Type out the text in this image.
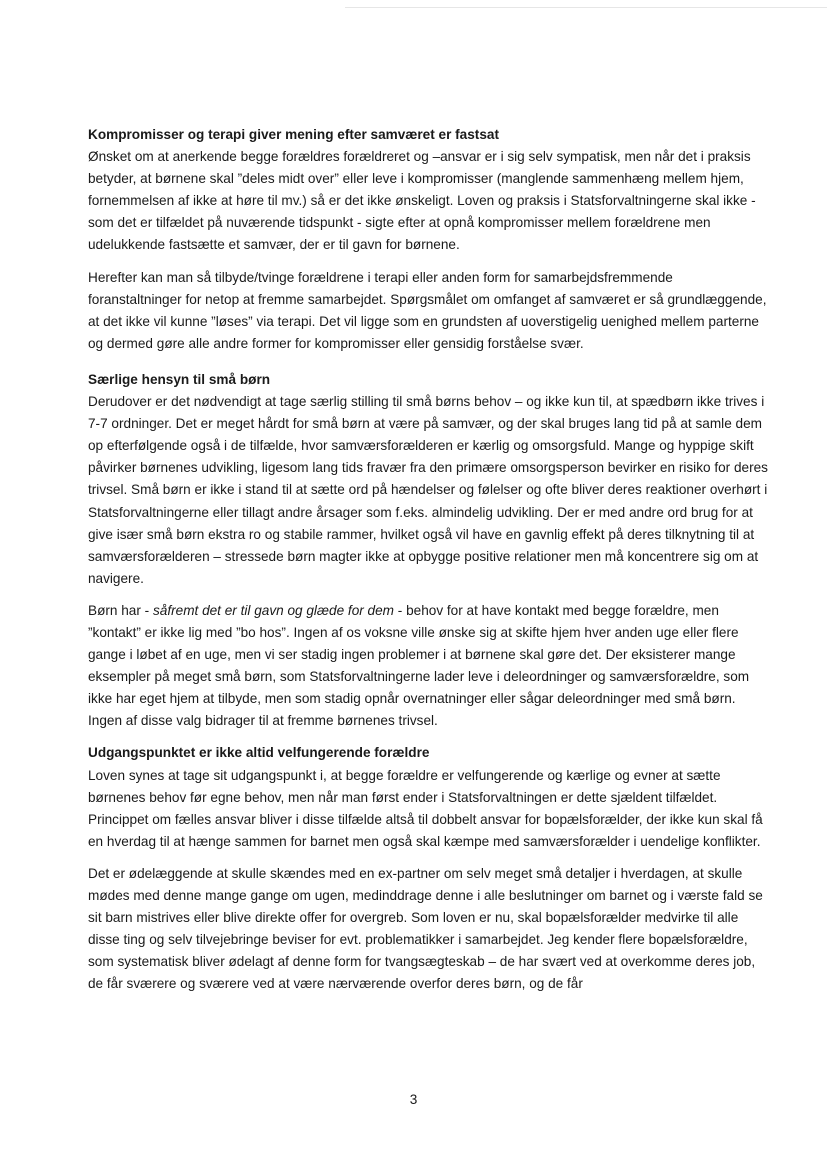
Kompromisser og terapi giver mening efter samværet er fastsat

Ønsket om at anerkende begge forældres forældreret og –ansvar er i sig selv sympatisk, men når det i praksis betyder, at børnene skal ”deles midt over” eller leve i kompromisser (manglende sammenhæng mellem hjem, fornemmelsen af ikke at høre til mv.) så er det ikke ønskeligt. Loven og praksis i Statsforvaltningerne skal ikke - som det er tilfældet på nuværende tidspunkt - sigte efter at opnå kompromisser mellem forældrene men udelukkende fastsætte et samvær, der er til gavn for børnene.

Herefter kan man så tilbyde/tvinge forældrene i terapi eller anden form for samarbejdsfremmende foranstaltninger for netop at fremme samarbejdet. Spørgsmålet om omfanget af samværet er så grundlæggende, at det ikke vil kunne ”løses” via terapi. Det vil ligge som en grundsten af uoverstigelig uenighed mellem parterne og dermed gøre alle andre former for kompromisser eller gensidig forståelse svær.

Særlige hensyn til små børn

Derudover er det nødvendigt at tage særlig stilling til små børns behov – og ikke kun til, at spædbørn ikke trives i 7-7 ordninger. Det er meget hårdt for små børn at være på samvær, og der skal bruges lang tid på at samle dem op efterfølgende også i de tilfælde, hvor samværsforælderen er kærlig og omsorgsfuld. Mange og hyppige skift påvirker børnenes udvikling, ligesom lang tids fravær fra den primære omsorgsperson bevirker en risiko for deres trivsel. Små børn er ikke i stand til at sætte ord på hændelser og følelser og ofte bliver deres reaktioner overhørt i Statsforvaltningerne eller tillagt andre årsager som f.eks. almindelig udvikling. Der er med andre ord brug for at give især små børn ekstra ro og stabile rammer, hvilket også vil have en gavnlig effekt på deres tilknytning til at samværsforælderen – stressede børn magter ikke at opbygge positive relationer men må koncentrere sig om at navigere.

Børn har - såfremt det er til gavn og glæde for dem - behov for at have kontakt med begge forældre, men ”kontakt” er ikke lig med ”bo hos”. Ingen af os voksne ville ønske sig at skifte hjem hver anden uge eller flere gange i løbet af en uge, men vi ser stadig ingen problemer i at børnene skal gøre det. Der eksisterer mange eksempler på meget små børn, som Statsforvaltningerne lader leve i deleordninger og samværsforældre, som ikke har eget hjem at tilbyde, men som stadig opnår overnatninger eller sågar deleordninger med små børn. Ingen af disse valg bidrager til at fremme børnenes trivsel.

Udgangspunktet er ikke altid velfungerende forældre

Loven synes at tage sit udgangspunkt i, at begge forældre er velfungerende og kærlige og evner at sætte børnenes behov før egne behov, men når man først ender i Statsforvaltningen er dette sjældent tilfældet. Princippet om fælles ansvar bliver i disse tilfælde altså til dobbelt ansvar for bopælsforælder, der ikke kun skal få en hverdag til at hænge sammen for barnet men også skal kæmpe med samværsforælder i uendelige konflikter.

Det er ødelæggende at skulle skændes med en ex-partner om selv meget små detaljer i hverdagen, at skulle mødes med denne mange gange om ugen, medinddrage denne i alle beslutninger om barnet og i værste fald se sit barn mistrives eller blive direkte offer for overgreb. Som loven er nu, skal bopælsforælder medvirke til alle disse ting og selv tilvejebringe beviser for evt. problematikker i samarbejdet. Jeg kender flere bopælsforældre, som systematisk bliver ødelagt af denne form for tvangsægteskab – de har svært ved at overkomme deres job, de får sværere og sværere ved at være nærværende overfor deres børn, og de får

3
